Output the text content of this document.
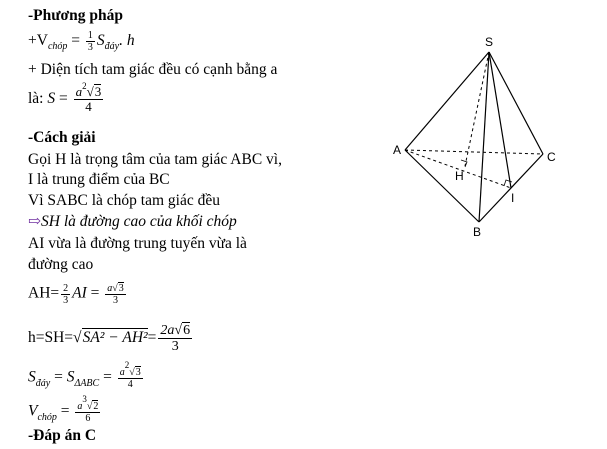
-Phương pháp
$+V_{chóp} = \frac{1}{3} S_{đáy}$. h
+ Diện tích tam giác đều có cạnh bằng a
là: $S = \frac{a^2√3}{4}$
-Cách giải
Gọi H là trọng tâm của tam giác ABC vì,
I là trung điểm của BC
Vì SABC là chóp tam giác đều
⇨SH là đường cao của khối chóp
AI vừa là đường trung tuyến vừa là
đường cao
$AH= \frac{2}{3}$ AI = $\frac{a√3}{3}$
$h=SH=√SA^2 - AH^2= \frac{2a√6}{3}$
$S_{đáy} = S_{\Delta ABC} = \frac{a2√3}{4}$
$V_{chóp} = \frac{a3√2}{6}$
-Đáp án C
S
A
B
C
H
I
